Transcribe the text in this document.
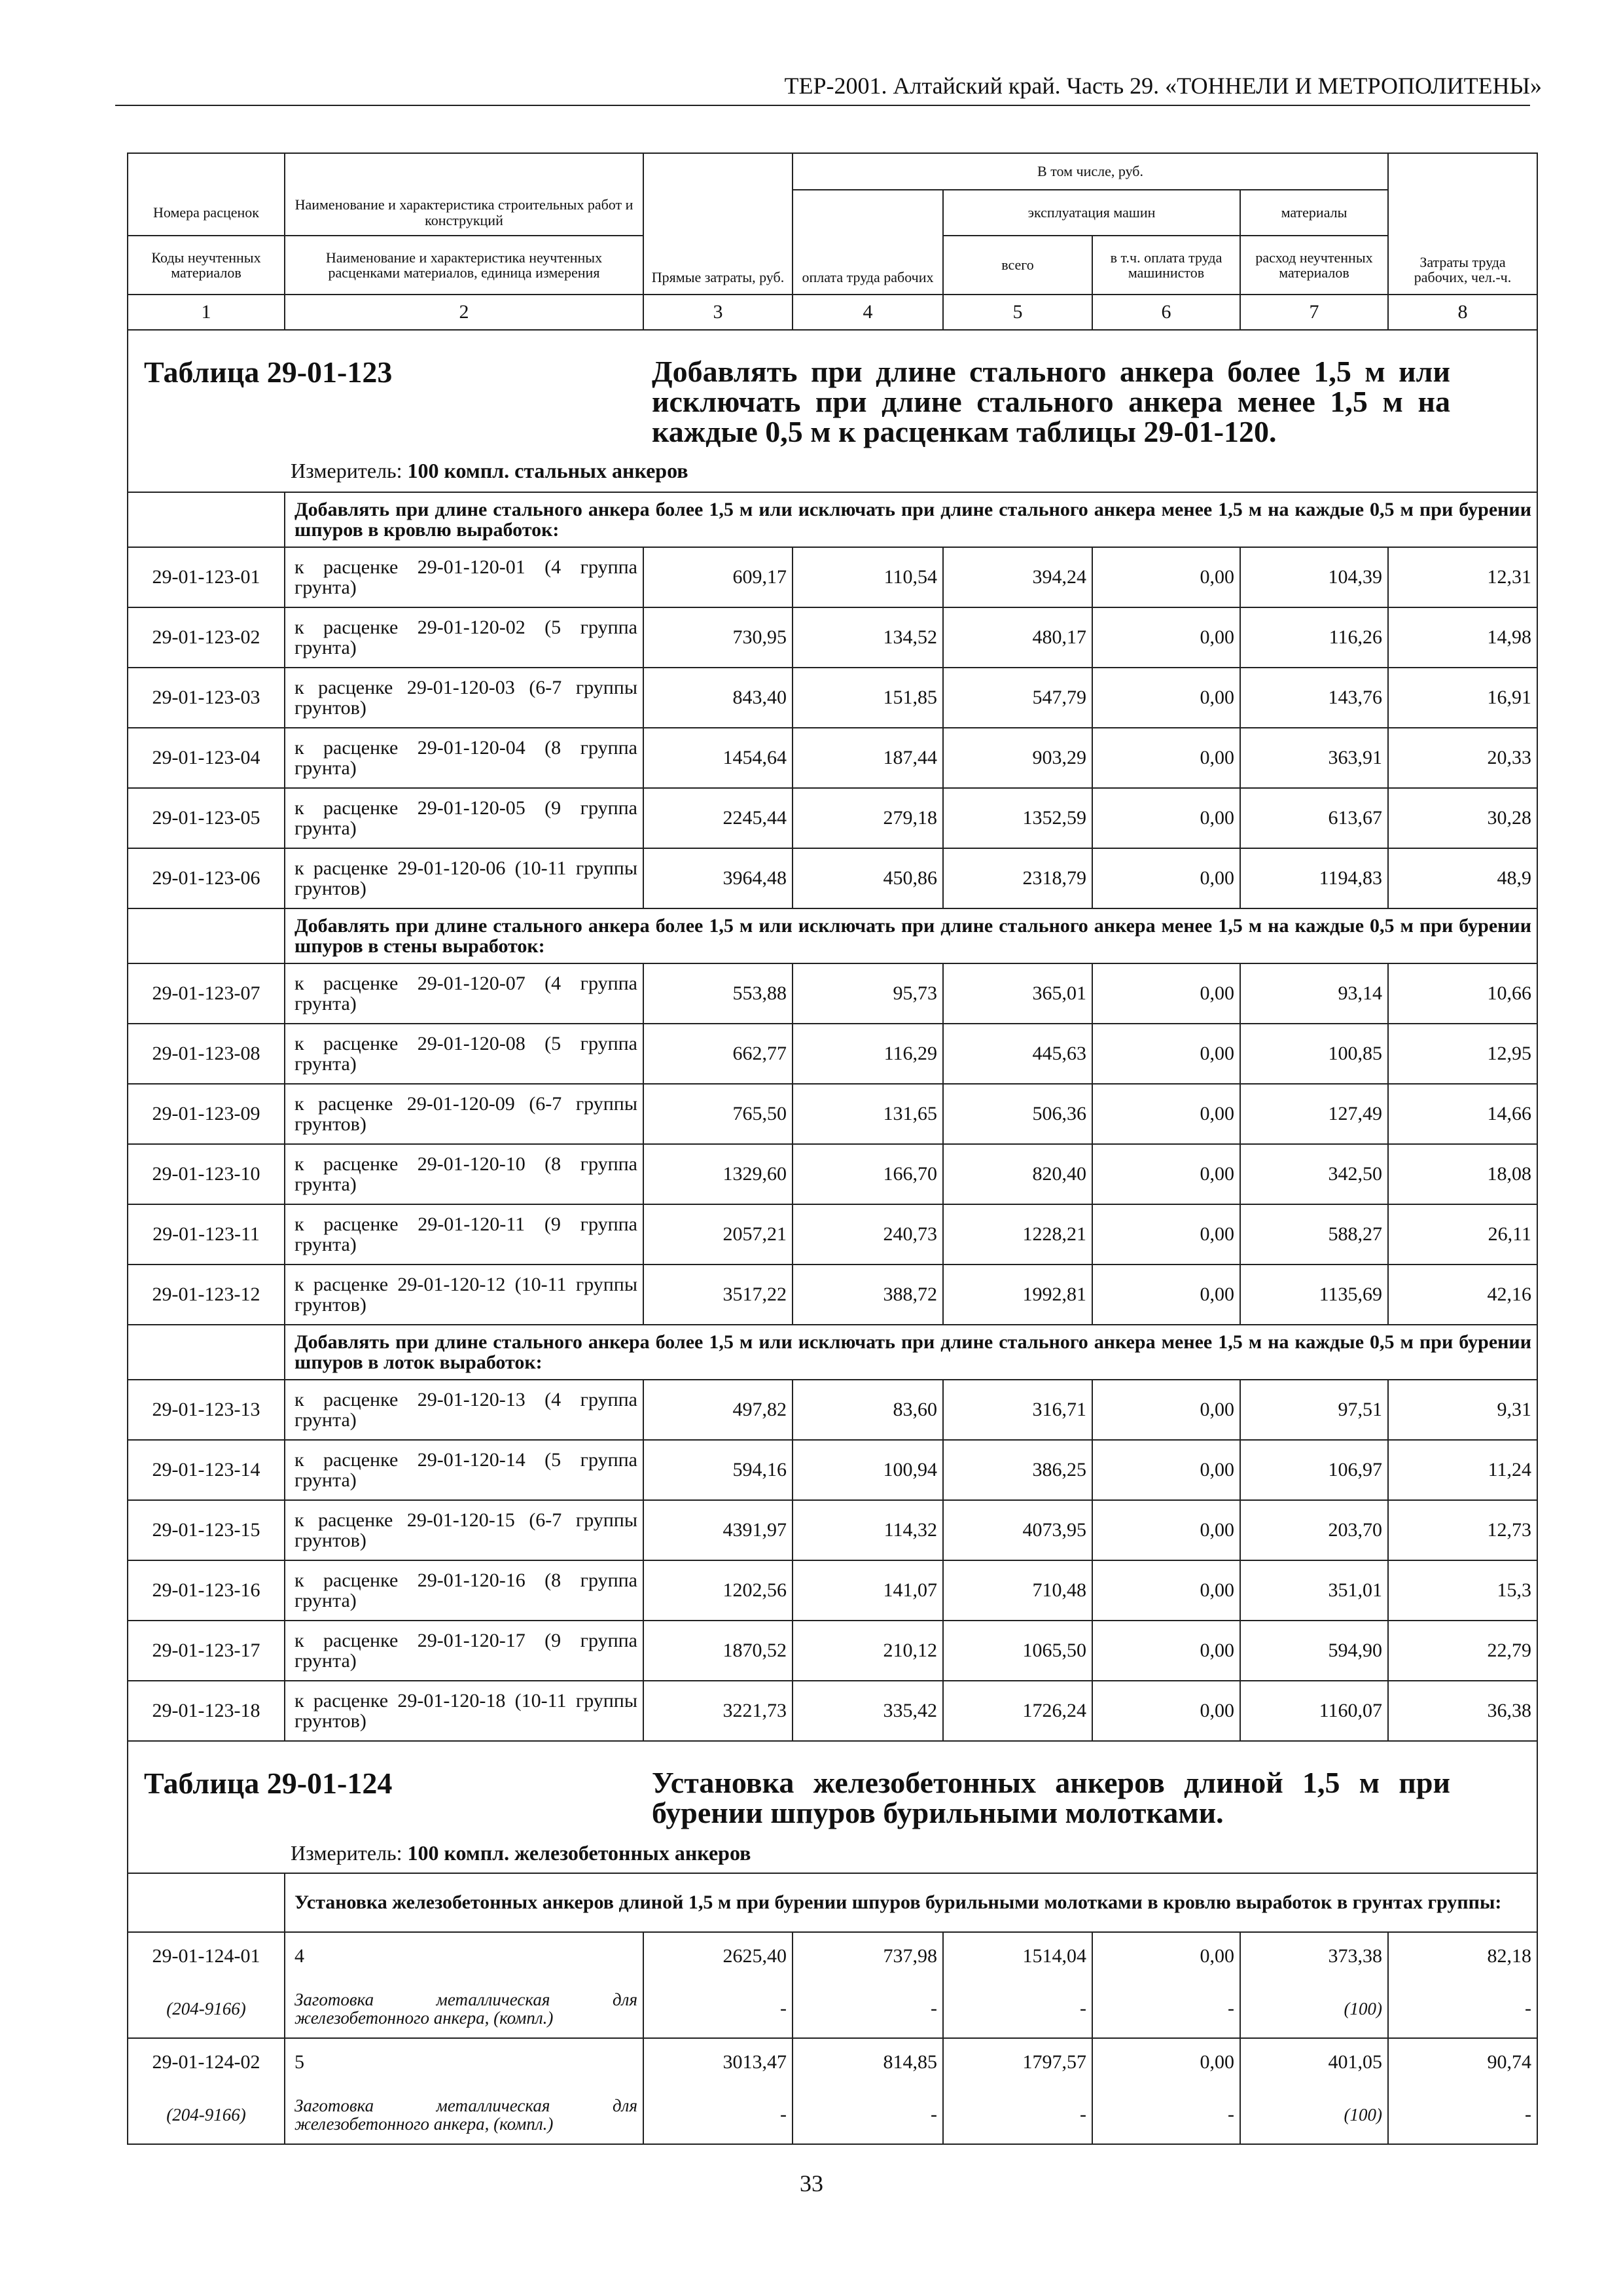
ТЕР-2001. Алтайский край. Часть 29. «ТОННЕЛИ И МЕТРОПОЛИТЕНЫ»
		Прямые затраты, руб.	В том числе, руб.				Затраты труда рабочих, чел.-ч.
Номера расценок	Наименование и характеристика строительных работ и конструкций		оплата труда рабочих	эксплуатация машин		материалы	
Коды неучтенных материалов	Наименование и характеристика неучтенных расценками материалов, единица измерения			всего	в т.ч. оплата труда машинистов	расход неучтенных материалов	
1	2	3	4	5	6	7	8

Таблица 29-01-123 Добавлять при длине стального анкера более 1,5 м или исключать при длине стального анкера менее 1,5 м на каждые 0,5 м к расценкам таблицы 29-01-120.
Измеритель: 100 компл. стальных анкеров							

	Добавлять при длине стального анкера более 1,5 м или исключать при длине стального анкера менее 1,5 м на каждые 0,5 м при бурении шпуров в кровлю выработок:						
29-01-123-01	к расценке 29-01-120-01 (4 группа грунта)	609,17	110,54	394,24	0,00	104,39	12,31
29-01-123-02	к расценке 29-01-120-02 (5 группа грунта)	730,95	134,52	480,17	0,00	116,26	14,98
29-01-123-03	к расценке 29-01-120-03 (6-7 группы грунтов)	843,40	151,85	547,79	0,00	143,76	16,91
29-01-123-04	к расценке 29-01-120-04 (8 группа грунта)	1454,64	187,44	903,29	0,00	363,91	20,33
29-01-123-05	к расценке 29-01-120-05 (9 группа грунта)	2245,44	279,18	1352,59	0,00	613,67	30,28
29-01-123-06	к расценке 29-01-120-06 (10-11 группы грунтов)	3964,48	450,86	2318,79	0,00	1194,83	48,9
	Добавлять при длине стального анкера более 1,5 м или исключать при длине стального анкера менее 1,5 м на каждые 0,5 м при бурении шпуров в стены выработок:						
29-01-123-07	к расценке 29-01-120-07 (4 группа грунта)	553,88	95,73	365,01	0,00	93,14	10,66
29-01-123-08	к расценке 29-01-120-08 (5 группа грунта)	662,77	116,29	445,63	0,00	100,85	12,95
29-01-123-09	к расценке 29-01-120-09 (6-7 группы грунтов)	765,50	131,65	506,36	0,00	127,49	14,66
29-01-123-10	к расценке 29-01-120-10 (8 группа грунта)	1329,60	166,70	820,40	0,00	342,50	18,08
29-01-123-11	к расценке 29-01-120-11 (9 группа грунта)	2057,21	240,73	1228,21	0,00	588,27	26,11
29-01-123-12	к расценке 29-01-120-12 (10-11 группы грунтов)	3517,22	388,72	1992,81	0,00	1135,69	42,16
	Добавлять при длине стального анкера более 1,5 м или исключать при длине стального анкера менее 1,5 м на каждые 0,5 м при бурении шпуров в лоток выработок:						
29-01-123-13	к расценке 29-01-120-13 (4 группа грунта)	497,82	83,60	316,71	0,00	97,51	9,31
29-01-123-14	к расценке 29-01-120-14 (5 группа грунта)	594,16	100,94	386,25	0,00	106,97	11,24
29-01-123-15	к расценке 29-01-120-15 (6-7 группы грунтов)	4391,97	114,32	4073,95	0,00	203,70	12,73
29-01-123-16	к расценке 29-01-120-16 (8 группа грунта)	1202,56	141,07	710,48	0,00	351,01	15,3
29-01-123-17	к расценке 29-01-120-17 (9 группа грунта)	1870,52	210,12	1065,50	0,00	594,90	22,79
29-01-123-18	к расценке 29-01-120-18 (10-11 группы грунтов)	3221,73	335,42	1726,24	0,00	1160,07	36,38

Таблица 29-01-124 Установка железобетонных анкеров длиной 1,5 м при бурении шпуров бурильными молотками.
Измеритель: 100 компл. железобетонных анкеров							

	Установка железобетонных анкеров длиной 1,5 м при бурении шпуров бурильными молотками в кровлю выработок в грунтах группы:						
29-01-124-01	4	2625,40	737,98	1514,04	0,00	373,38	82,18
(204-9166)	Заготовка металлическая для железобетонного анкера, (компл.)	-	-	-	-	(100)	-
29-01-124-02	5	3013,47	814,85	1797,57	0,00	401,05	90,74
(204-9166)	Заготовка металлическая для железобетонного анкера, (компл.)	-	-	-	-	(100)	-
33
